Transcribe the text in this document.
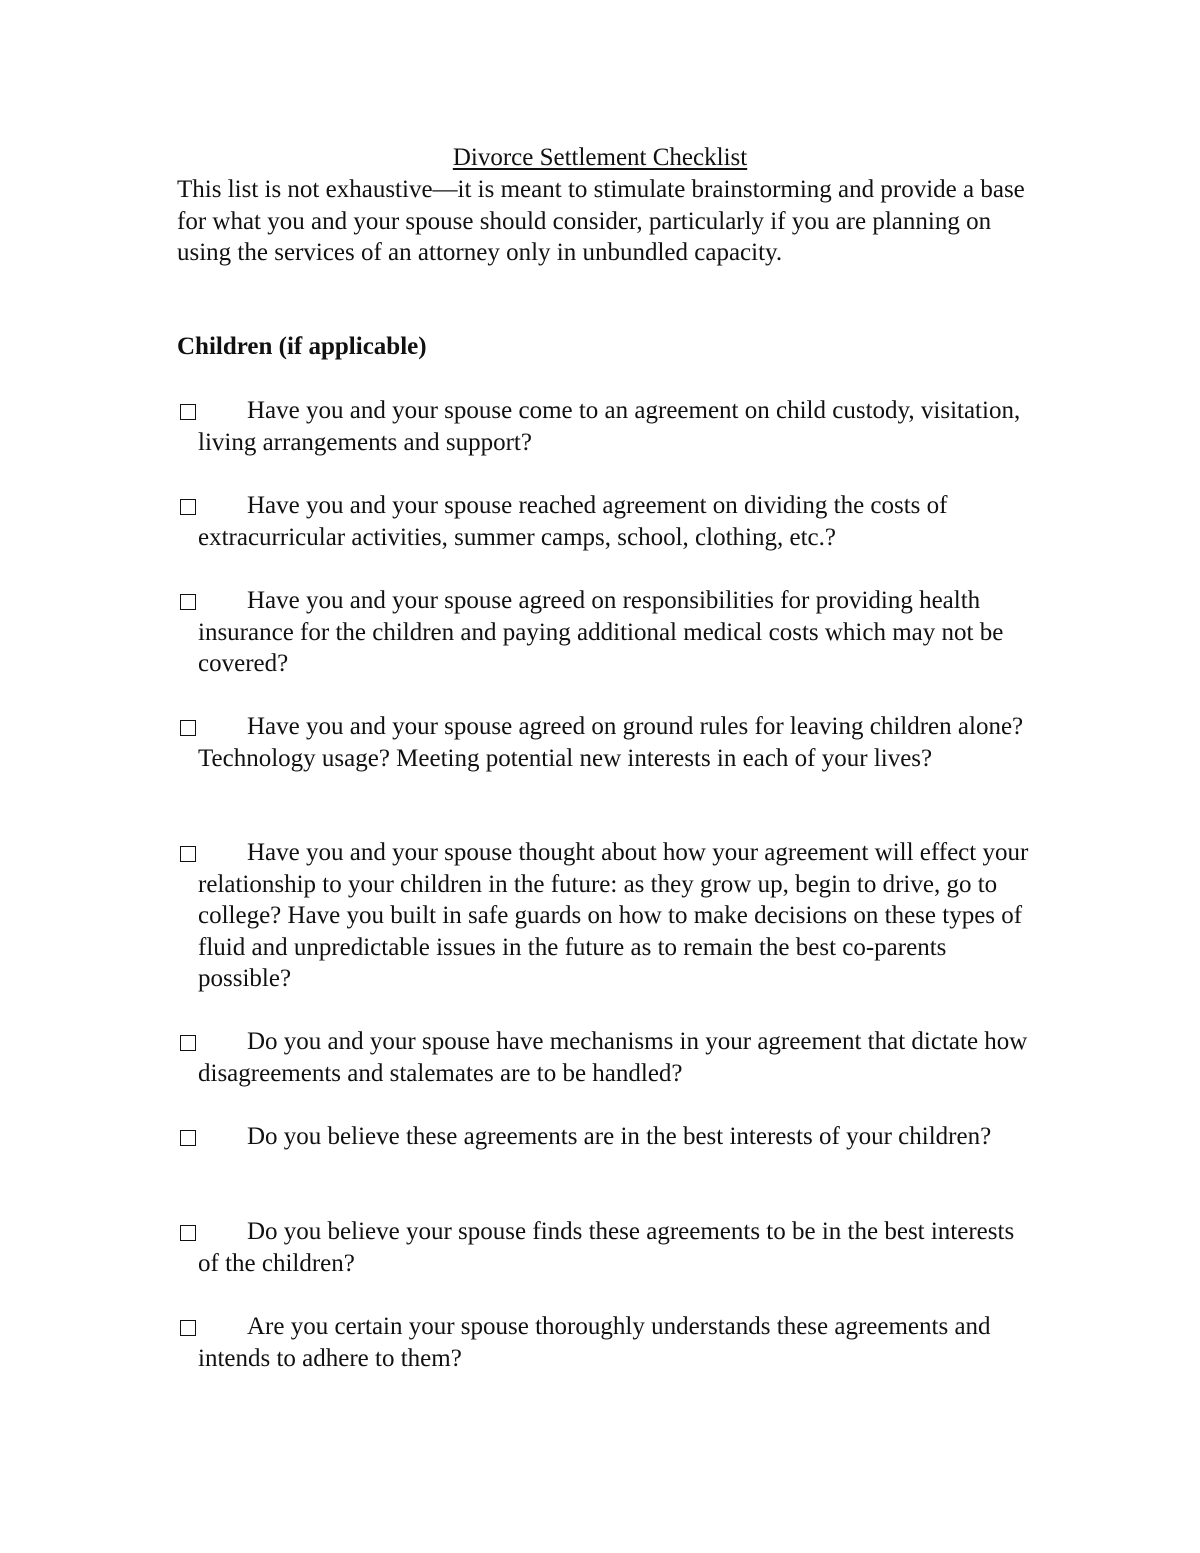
Divorce Settlement Checklist

This list is not exhaustive—it is meant to stimulate brainstorming and provide a base for what you and your spouse should consider, particularly if you are planning on using the services of an attorney only in unbundled capacity.

Children (if applicable)

Have you and your spouse come to an agreement on child custody, visitation, living arrangements and support?

Have you and your spouse reached agreement on dividing the costs of extracurricular activities, summer camps, school, clothing, etc.?

Have you and your spouse agreed on responsibilities for providing health insurance for the children and paying additional medical costs which may not be covered?

Have you and your spouse agreed on ground rules for leaving children alone? Technology usage? Meeting potential new interests in each of your lives?

Have you and your spouse thought about how your agreement will effect your relationship to your children in the future: as they grow up, begin to drive, go to college? Have you built in safe guards on how to make decisions on these types of fluid and unpredictable issues in the future as to remain the best co-parents possible?

Do you and your spouse have mechanisms in your agreement that dictate how disagreements and stalemates are to be handled?

Do you believe these agreements are in the best interests of your children?

Do you believe your spouse finds these agreements to be in the best interests of the children?

Are you certain your spouse thoroughly understands these agreements and intends to adhere to them?
